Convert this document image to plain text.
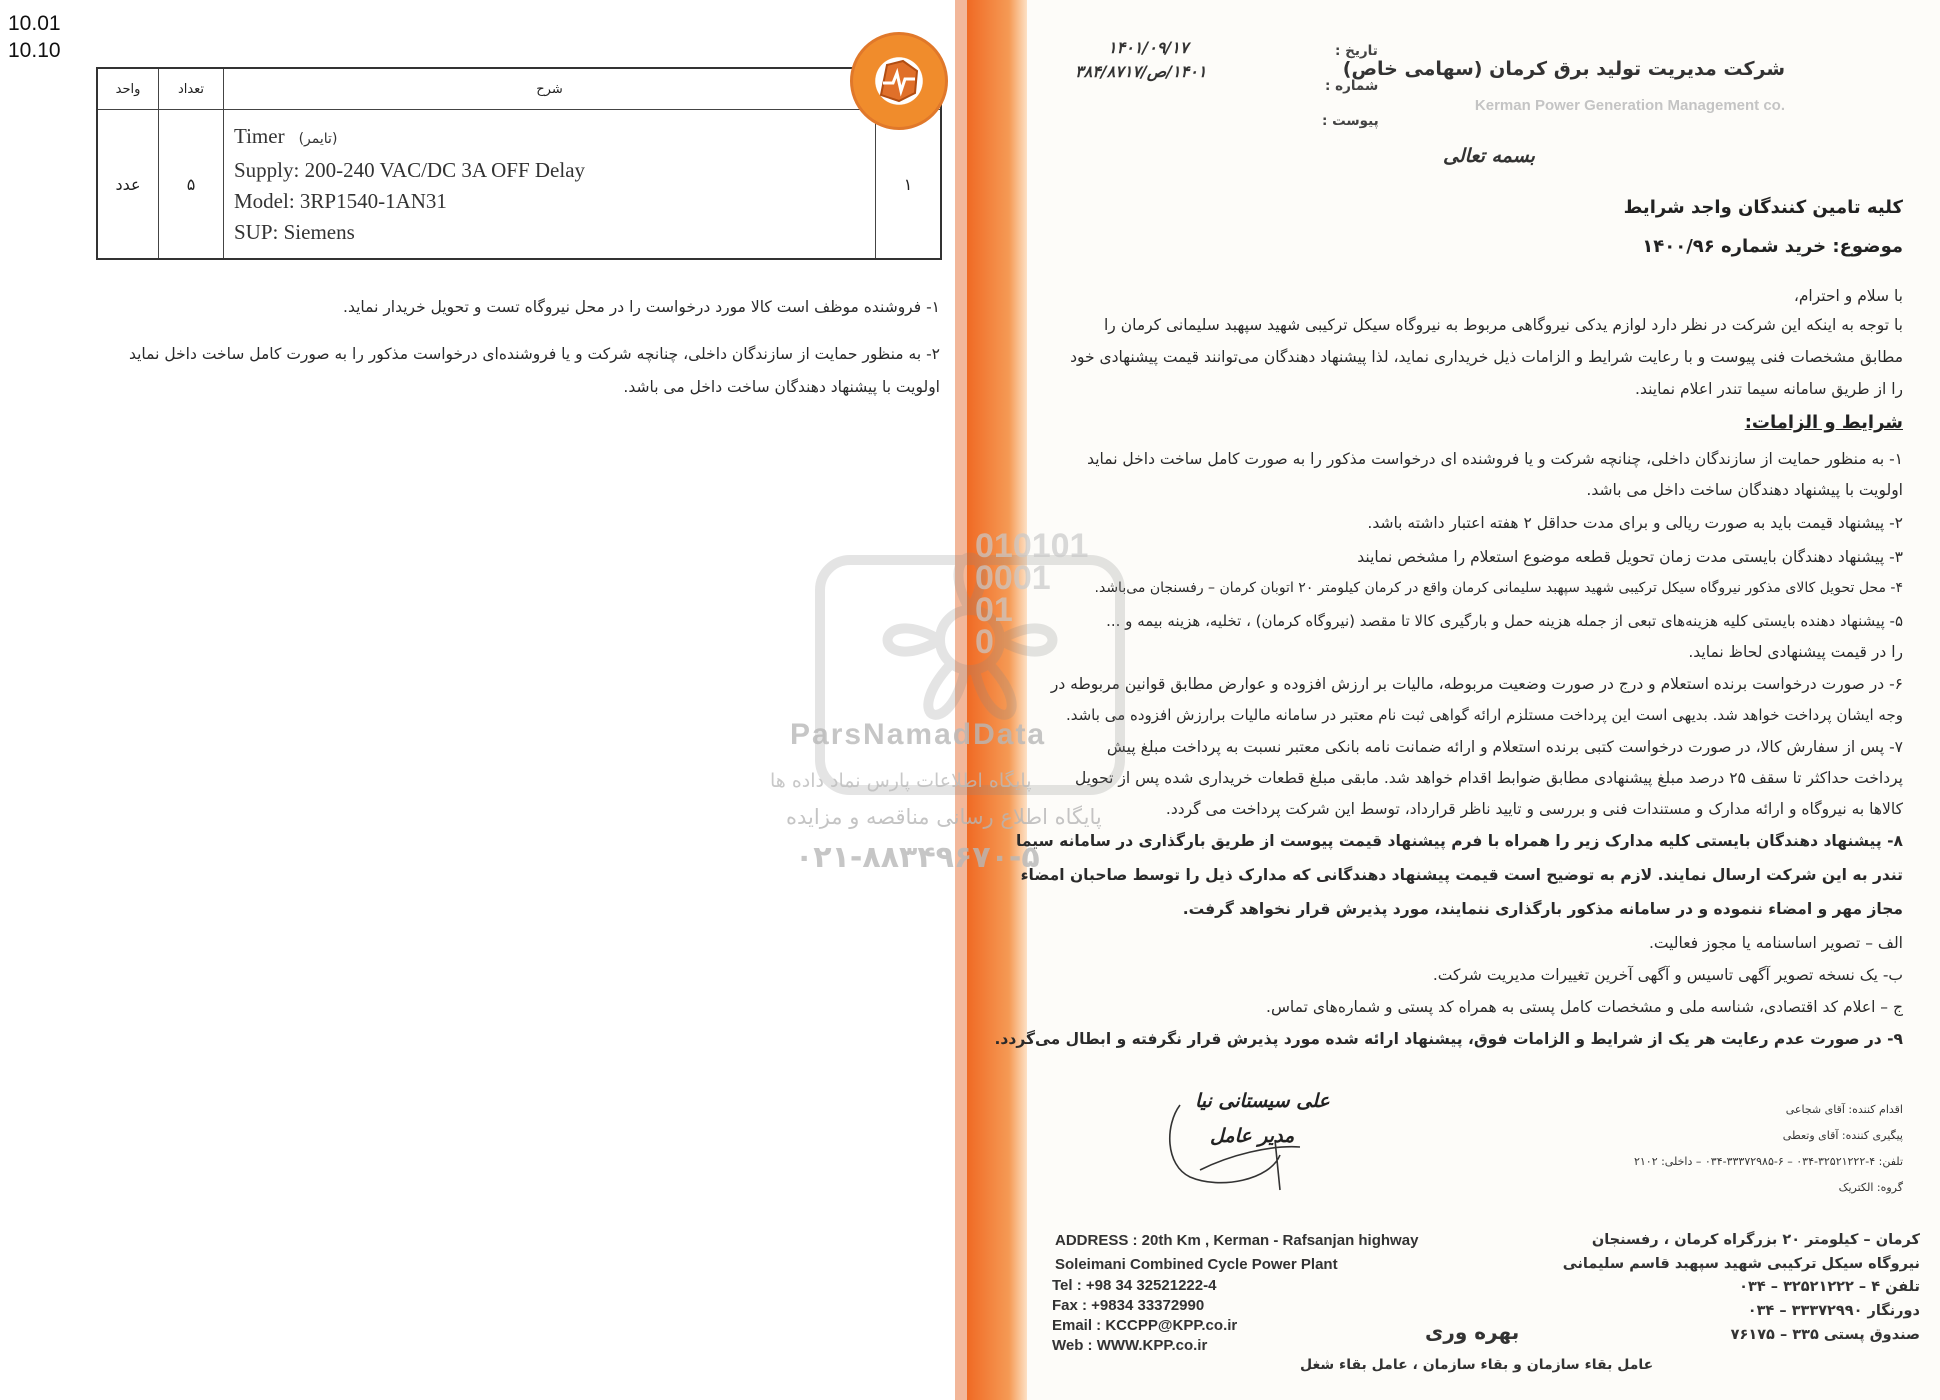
10.01
10.10
	شرح	تعداد	واحد
۱	Timer (تایمر)
Supply: 200-240 VAC/DC 3A OFF Delay
Model: 3RP1540-1AN31
SUP: Siemens	۵	عدد
۱- فروشنده موظف است کالا مورد درخواست را در محل نیروگاه تست و تحویل خریدار نماید.
۲- به منظور حمایت از سازندگان داخلی، چنانچه شرکت و یا فروشنده‌ای درخواست مذکور را به صورت کامل ساخت داخل نماید
اولویت با پیشنهاد دهندگان ساخت داخل می باشد.
شرکت مدیریت تولید برق کرمان (سهامی خاص)
Kerman Power Generation Management co.
تاریخ :
۱۴۰۱/۰۹/۱۷
شماره :
۱۴۰۱/ص/۳۸۴/۸۷۱۷
پیوست :
بسمه تعالی
کلیه تامین کنندگان واجد شرایط
موضوع: خرید شماره ۱۴۰۰/۹۶
با سلام و احترام،
با توجه به اینکه این شرکت در نظر دارد لوازم یدکی نیروگاهی مربوط به نیروگاه سیکل ترکیبی شهید سپهبد سلیمانی کرمان را
مطابق مشخصات فنی پیوست و با رعایت شرایط و الزامات ذیل خریداری نماید، لذا پیشنهاد دهندگان می‌توانند قیمت پیشنهادی خود
را از طریق سامانه سیما تندر اعلام نمایند.
شرایط و الزامات:
۱- به منظور حمایت از سازندگان داخلی، چنانچه شرکت و یا فروشنده ای درخواست مذکور را به صورت کامل ساخت داخل نماید
اولویت با پیشنهاد دهندگان ساخت داخل می باشد.
۲- پیشنهاد قیمت باید به صورت ریالی و برای مدت حداقل ۲ هفته اعتبار داشته باشد.
۳- پیشنهاد دهندگان بایستی مدت زمان تحویل قطعه موضوع استعلام را مشخص نمایند
۴- محل تحویل کالای مذکور نیروگاه سیکل ترکیبی شهید سپهبد سلیمانی کرمان واقع در کرمان کیلومتر ۲۰ اتوبان کرمان – رفسنجان می‌باشد.
۵- پیشنهاد دهنده بایستی کلیه هزینه‌های تبعی از جمله هزینه حمل و بارگیری کالا تا مقصد (نیروگاه کرمان) ، تخلیه، هزینه بیمه و ...
را در قیمت پیشنهادی لحاظ نماید.
۶- در صورت درخواست برنده استعلام و درج در صورت وضعیت مربوطه، مالیات بر ارزش افزوده و عوارض مطابق قوانین مربوطه در
وجه ایشان پرداخت خواهد شد. بدیهی است این پرداخت مستلزم ارائه گواهی ثبت نام معتبر در سامانه مالیات برارزش افزوده می باشد.
۷- پس از سفارش کالا، در صورت درخواست کتبی برنده استعلام و ارائه ضمانت نامه بانکی معتبر نسبت به پرداخت مبلغ پیش
پرداخت حداکثر تا سقف ۲۵ درصد مبلغ پیشنهادی مطابق ضوابط اقدام خواهد شد. مابقی مبلغ قطعات خریداری شده پس از تحویل
کالاها به نیروگاه و ارائه مدارک و مستندات فنی و بررسی و تایید ناظر قرارداد، توسط این شرکت پرداخت می گردد.
۸- پیشنهاد دهندگان بایستی کلیه مدارک زیر را همراه با فرم پیشنهاد قیمت پیوست از طریق بارگذاری در سامانه سیما
تندر به این شرکت ارسال نمایند. لازم به توضیح است قیمت پیشنهاد دهندگانی که مدارک ذیل را توسط صاحبان امضاء
مجاز مهر و امضاء ننموده و در سامانه مذکور بارگذاری ننمایند، مورد پذیرش قرار نخواهد گرفت.
الف – تصویر اساسنامه یا مجوز فعالیت.
ب- یک نسخه تصویر آگهی تاسیس و آگهی آخرین تغییرات مدیریت شرکت.
ج – اعلام کد اقتصادی، شناسه ملی و مشخصات کامل پستی به همراه کد پستی و شماره‌های تماس.
۹- در صورت عدم رعایت هر یک از شرایط و الزامات فوق، پیشنهاد ارائه شده مورد پذیرش قرار نگرفته و ابطال می‌گردد.
علی سیستانی نیا
مدیر عامل
اقدام کننده: آقای شجاعی
پیگیری کننده: آقای وتعطی
تلفن: ۴-۳۲۵۲۱۲۲۲-۰۳۴ – ۶-۳۳۳۷۲۹۸۵-۰۳۴ – داخلی: ۲۱۰۲
گروه: الکتریک
ADDRESS : 20th Km , Kerman - Rafsanjan highway
Soleimani Combined Cycle Power Plant
Tel : +98 34 32521222-4
Fax : +9834 33372990
Email : KCCPP@KPP.co.ir
Web : WWW.KPP.co.ir
کرمان – کیلومتر ۲۰ بزرگراه کرمان ، رفسنجان
نیروگاه سیکل ترکیبی شهید سپهبد قاسم سلیمانی
تلفن ۴ – ۳۲۵۲۱۲۲۲ – ۰۳۴
دورنگار ۳۳۳۷۲۹۹۰ – ۰۳۴
صندوق پستی ۳۳۵ – ۷۶۱۷۵
بهره وری
عامل بقاء سازمان و بقاء سازمان ، عامل بقاء شغل
010101
0001
01
0
ParsNamadData
پایگاه اطلاعات پارس نماد داده ها
پایگاه اطلاع رسانی مناقصه و مزایده
۰۲۱-۸۸۳۴۹۶۷۰-۵
